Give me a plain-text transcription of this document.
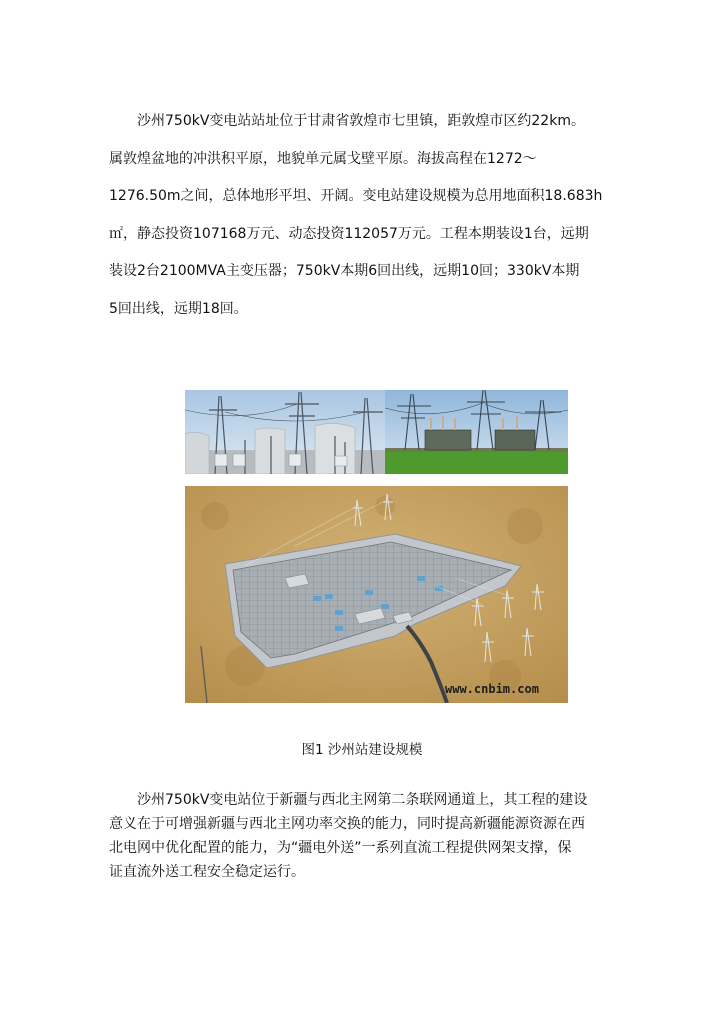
沙州750kV变电站站址位于甘肃省敦煌市七里镇，距敦煌市区约22km。
属敦煌盆地的冲洪积平原，地貌单元属戈壁平原。海拔高程在1272～
1276.50m之间，总体地形平坦、开阔。变电站建设规模为总用地面积18.683h
㎡，静态投资107168万元、动态投资112057万元。工程本期装设1台，远期
装设2台2100MVA主变压器；750kV本期6回出线，远期10回；330kV本期
5回出线，远期18回。
www.cnbim.com

图1 沙州站建设规模

沙州750kV变电站位于新疆与西北主网第二条联网通道上，其工程的建设
意义在于可增强新疆与西北主网功率交换的能力，同时提高新疆能源资源在西
北电网中优化配置的能力，为“疆电外送”一系列直流工程提供网架支撑，保
证直流外送工程安全稳定运行。
